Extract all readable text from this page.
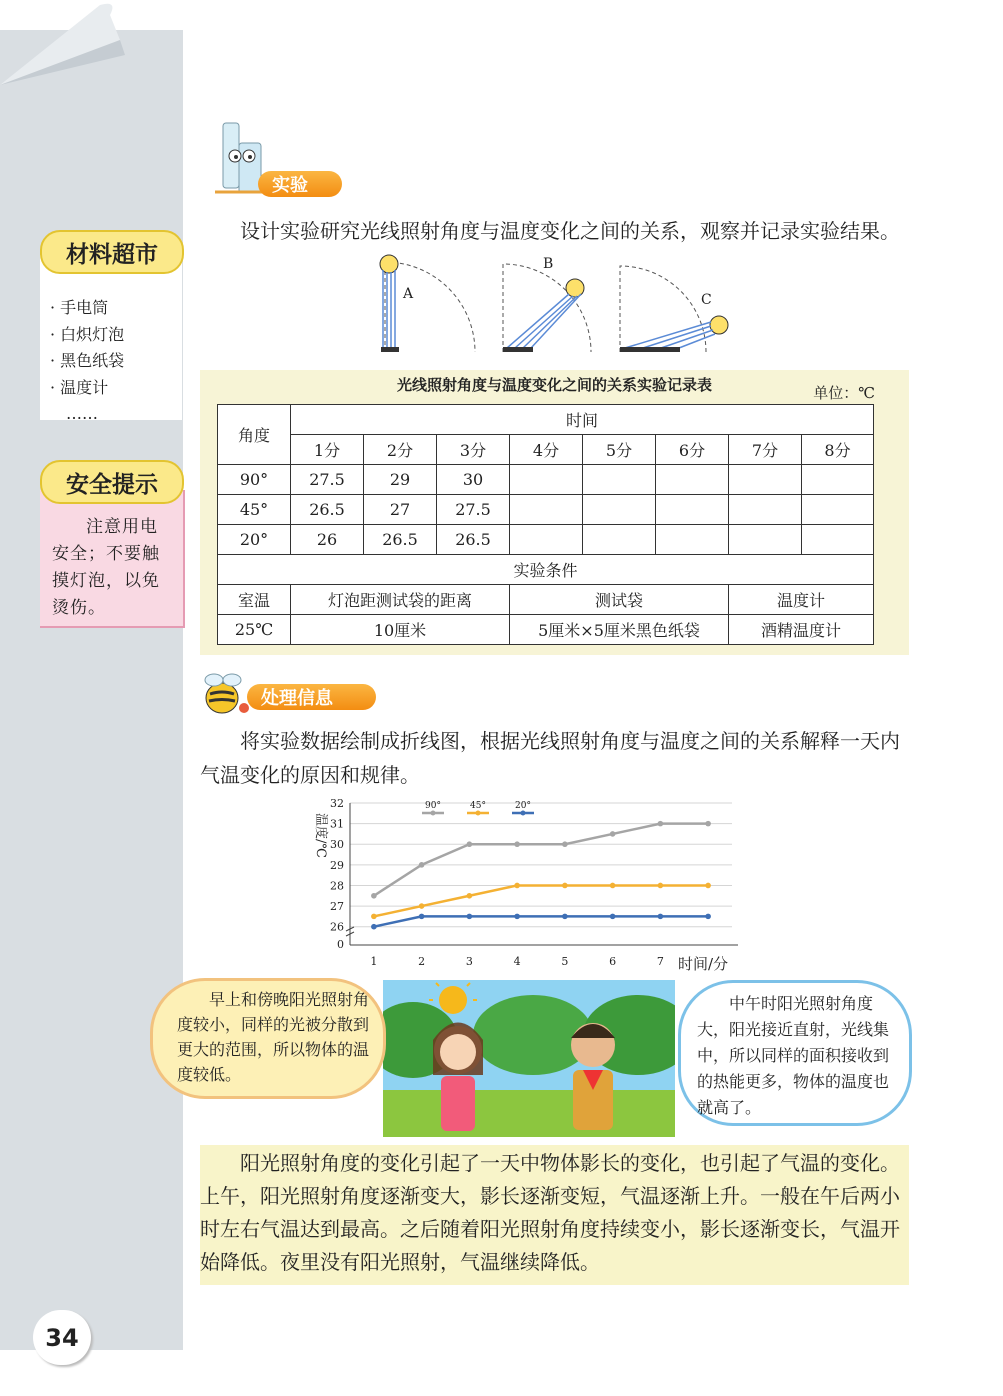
· 手电筒
· 白炽灯泡
· 黑色纸袋
· 温度计
……
材料超市

注意用电安全；不要触摸灯泡，以免烫伤。

安全提示
实验

设计实验研究光线照射角度与温度变化之间的关系，观察并记录实验结果。

A
B
C
光线照射角度与温度变化之间的关系实验记录表	单位：℃
角度	时间							
	1分	2分	3分	4分	5分	6分	7分	8分
90°	27.5	29	30					
45°	26.5	27	27.5					
20°	26	26.5	26.5					
实验条件								
室温	灯泡距测试袋的距离			测试袋			温度计	
25℃	10厘米			5厘米×5厘米黑色纸袋			酒精温度计	
处理信息

将实验数据绘制成折线图，根据光线照射角度与温度之间的关系解释一天内气温变化的原因和规律。

温度/℃
时间/分
0
26
27
28
29
30
31
32
1	2	3	4	5	6	7
90°	45°	20°
早上和傍晚阳光照射角度较小，同样的光被分散到更大的范围，所以物体的温度较低。
中午时阳光照射角度大，阳光接近直射，光线集中，所以同样的面积接收到的热能更多，物体的温度也就高了。

阳光照射角度的变化引起了一天中物体影长的变化，也引起了气温的变化。上午，阳光照射角度逐渐变大，影长逐渐变短，气温逐渐上升。一般在午后两小时左右气温达到最高。之后随着阳光照射角度持续变小，影长逐渐变长，气温开始降低。夜里没有阳光照射，气温继续降低。

34
